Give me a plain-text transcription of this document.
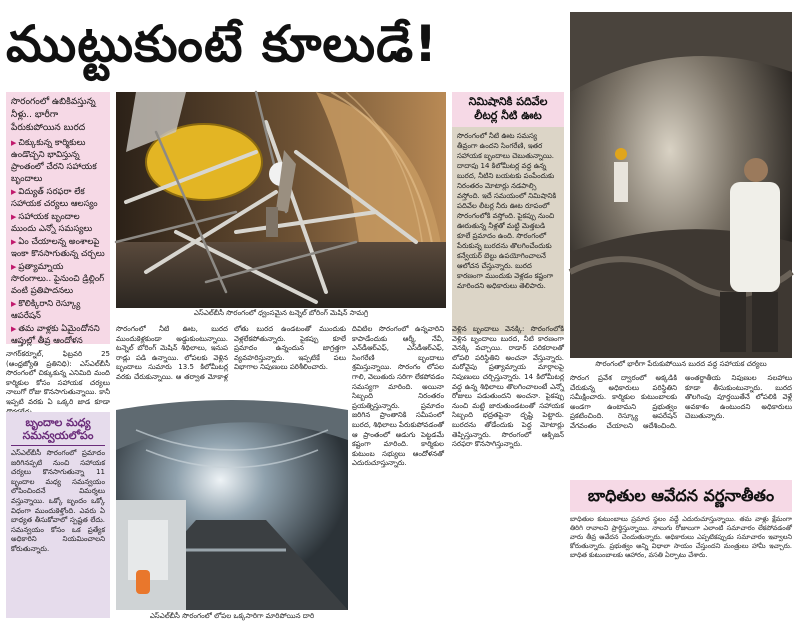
ముట్టుకుంటే కూలుడే!
సొరంగంలో ఉబికివస్తున్న నీళ్లు.. భారీగా పేరుకుపోయిన బురద
▶ చిక్కుకున్న కార్మికులు ఉండొచ్చని భావిస్తున్న ప్రాంతంలో చేరని సహాయక బృందాలు
▶ విద్యుత్‌ సరఫరా లేక సహాయక చర్యలు ఆలస్యం
▶ సహాయక బృందాల ముందు ఎన్నో సమస్యలు
▶ ఏం చేయాలన్న అంశాలపై ఇంకా కొనసాగుతున్న చర్చలు
▶ ప్రత్యామ్నాయ సొరంగాలు.. పైనుంచి డ్రిల్లింగ్‌ వంటి ప్రతిపాదనలు
▶ కొలిక్కిరాని రెస్క్యూ ఆపరేషన్‌
▶ తమ వాళ్లకు ఏమైందోనని ఆప్తుల్లో తీవ్ర ఆందోళన
ఎస్‌ఎల్‌బీసీ సొరంగంలో ధ్వంసమైన టన్నెల్‌ బోరింగ్‌ మెషిన్‌ సామగ్రి
నిమిషానికి పదివేల లీటర్ల నీటి ఊట
సొరంగంలో నీటి ఊట సమస్య తీవ్రంగా ఉందని సింగరేణి, ఇతర సహాయక బృందాలు చెబుతున్నాయి. దాదాపు 14 కిలోమీటర్ల వద్ద ఉన్న బురద, నీటిని బయటకు పంపేందుకు నిరంతరం మోటార్లు నడపాల్సి వస్తోంది. ఇదే సమయంలో నిమిషానికి పదివేల లీటర్ల నీరు ఊట రూపంలో సొరంగంలోకి వస్తోంది. పైకప్పు నుంచి ఊరుతున్న నీళ్లతో మట్టి మెత్తబడి కూలే ప్రమాదం ఉంది. సొరంగంలో పేరుకున్న బురదను తొలగించేందుకు కన్వేయర్‌ బెల్టు ఉపయోగించాలనే ఆలోచన చేస్తున్నారు. బురద కారణంగా ముందుకు వెళ్లడం కష్టంగా మారిందని అధికారులు తెలిపారు.
సొరంగంలో భారీగా పేరుకుపోయిన బురద వద్ద సహాయక చర్యలు
నాగర్‌కర్నూల్‌, ఫిబ్రవరి 25 (ఆంధ్రజ్యోతి ప్రతినిధి): ఎస్‌ఎల్‌బీసీ సొరంగంలో చిక్కుకున్న ఎనిమిది మంది కార్మికుల కోసం సహాయక చర్యలు నాలుగో రోజు కొనసాగుతున్నాయి. కానీ ఇప్పటి వరకు ఏ ఒక్కరి జాడ కూడా
సొరంగంలో నీటి ఊట, బురద ముందుకెళ్లకుండా అడ్డుకుంటున్నాయి. టన్నెల్‌ బోరింగ్‌ మెషిన్‌ శిథిలాలు, ఇనుప రాడ్లు పడి ఉన్నాయి. లోపలకు వెళ్లిన బృందాలు సుమారు 13.5 కిలోమీటర్ల వరకు చేరుకున్నాయి. ఆ తర్వాత మోకాళ్ల లోతు బురద ఉండటంతో ముందుకు వెళ్లలేకపోతున్నారు. పైకప్పు కూలే ప్రమాదం ఉన్నందున జాగ్రత్తగా వ్యవహరిస్తున్నారు. ఇప్పటికే పలు విభాగాల నిపుణులు పరిశీలించారు.
ఎస్‌ఎల్‌బీసీ సొరంగంలో లోపల ఒక్కసారిగా మారిపోయిన దారి
దివిటిల సొరంగంలో ఉన్నవారిని కాపాడేందుకు ఆర్మీ, నేవీ, ఎన్‌డీఆర్‌ఎఫ్‌, ఎస్‌డీఆర్‌ఎఫ్‌, సింగరేణి బృందాలు శ్రమిస్తున్నాయి. సొరంగం లోపల గాలి, వెలుతురు సరిగా లేకపోవడం సమస్యగా మారింది. అయినా సిబ్బంది నిరంతరం ప్రయత్నిస్తున్నారు. ప్రమాదం జరిగిన ప్రాంతానికి సమీపంలో బురద, శిథిలాలు పేరుకుపోవడంతో ఆ ప్రాంతంలో అడుగు పెట్టడమే కష్టంగా మారింది. కార్మికుల కుటుంబ సభ్యులు ఆందోళనతో ఎదురుచూస్తున్నారు.
వెళ్లిన బృందాలు వెనక్కి: సొరంగంలోకి వెళ్లిన బృందాలు బురద, నీటి కారణంగా వెనక్కి వచ్చాయి. రాడార్‌ పరికరాలతో లోపలి పరిస్థితిని అంచనా వేస్తున్నారు. మరోవైపు ప్రత్యామ్నాయ మార్గాలపై నిపుణులు చర్చిస్తున్నారు. 14 కిలోమీటర్ల వద్ద ఉన్న శిథిలాలు తొలగించాలంటే ఎన్నో రోజులు పడుతుందని అంచనా. పైకప్పు నుంచి మట్టి జారుతుండటంతో సహాయక సిబ్బంది భద్రతపైనా దృష్టి పెట్టారు. బురదను తోడేందుకు పెద్ద మోటార్లు తెప్పిస్తున్నారు. సొరంగంలో ఆక్సిజన్‌ సరఫరా కొనసాగిస్తున్నారు.
సొరంగ ప్రవేశ ద్వారంలో అక్కడికి చేరుకున్న అధికారులు పరిస్థితిని సమీక్షించారు. కార్మికుల కుటుంబాలకు అండగా ఉంటామని ప్రభుత్వం ప్రకటించింది. రెస్క్యూ ఆపరేషన్‌ వేగవంతం చేయాలని ఆదేశించింది. అంతర్జాతీయ నిపుణుల సలహాలు కూడా తీసుకుంటున్నారు. బురద తొలగింపు పూర్తయితేనే లోపలికి వెళ్లే అవకాశం ఉంటుందని అధికారులు చెబుతున్నారు.
బాధితుల ఆవేదన వర్ణనాతీతం
బాధితుల కుటుంబాలు ప్రమాద స్థలం వద్దే ఎదురుచూస్తున్నాయి. తమ వాళ్లు క్షేమంగా తిరిగి రావాలని ప్రార్థిస్తున్నాయి. నాలుగు రోజులుగా ఎలాంటి సమాచారం లేకపోవడంతో వారు తీవ్ర ఆవేదన చెందుతున్నారు. అధికారులు ఎప్పటికప్పుడు సమాచారం ఇవ్వాలని కోరుతున్నారు. ప్రభుత్వం అన్ని విధాలా సాయం చేస్తుందని మంత్రులు హామీ ఇచ్చారు. బాధిత కుటుంబాలకు ఆహారం, వసతి ఏర్పాటు చేశారు.
బృందాల మధ్య సమన్వయలోపం
ఎస్‌ఎల్‌బీసీ సొరంగంలో ప్రమాదం జరిగినప్పటి నుంచి సహాయక చర్యలు కొనసాగుతున్నా 11 బృందాల మధ్య సమన్వయం లోపించిందనే విమర్శలు వస్తున్నాయి. ఒక్కో బృందం ఒక్కో విధంగా ముందుకెళ్తోంది. ఎవరు ఏ బాధ్యత తీసుకోవాలో స్పష్టత లేదు. సమన్వయం కోసం ఒక ప్రత్యేక అధికారిని నియమించాలని కోరుతున్నారు.
